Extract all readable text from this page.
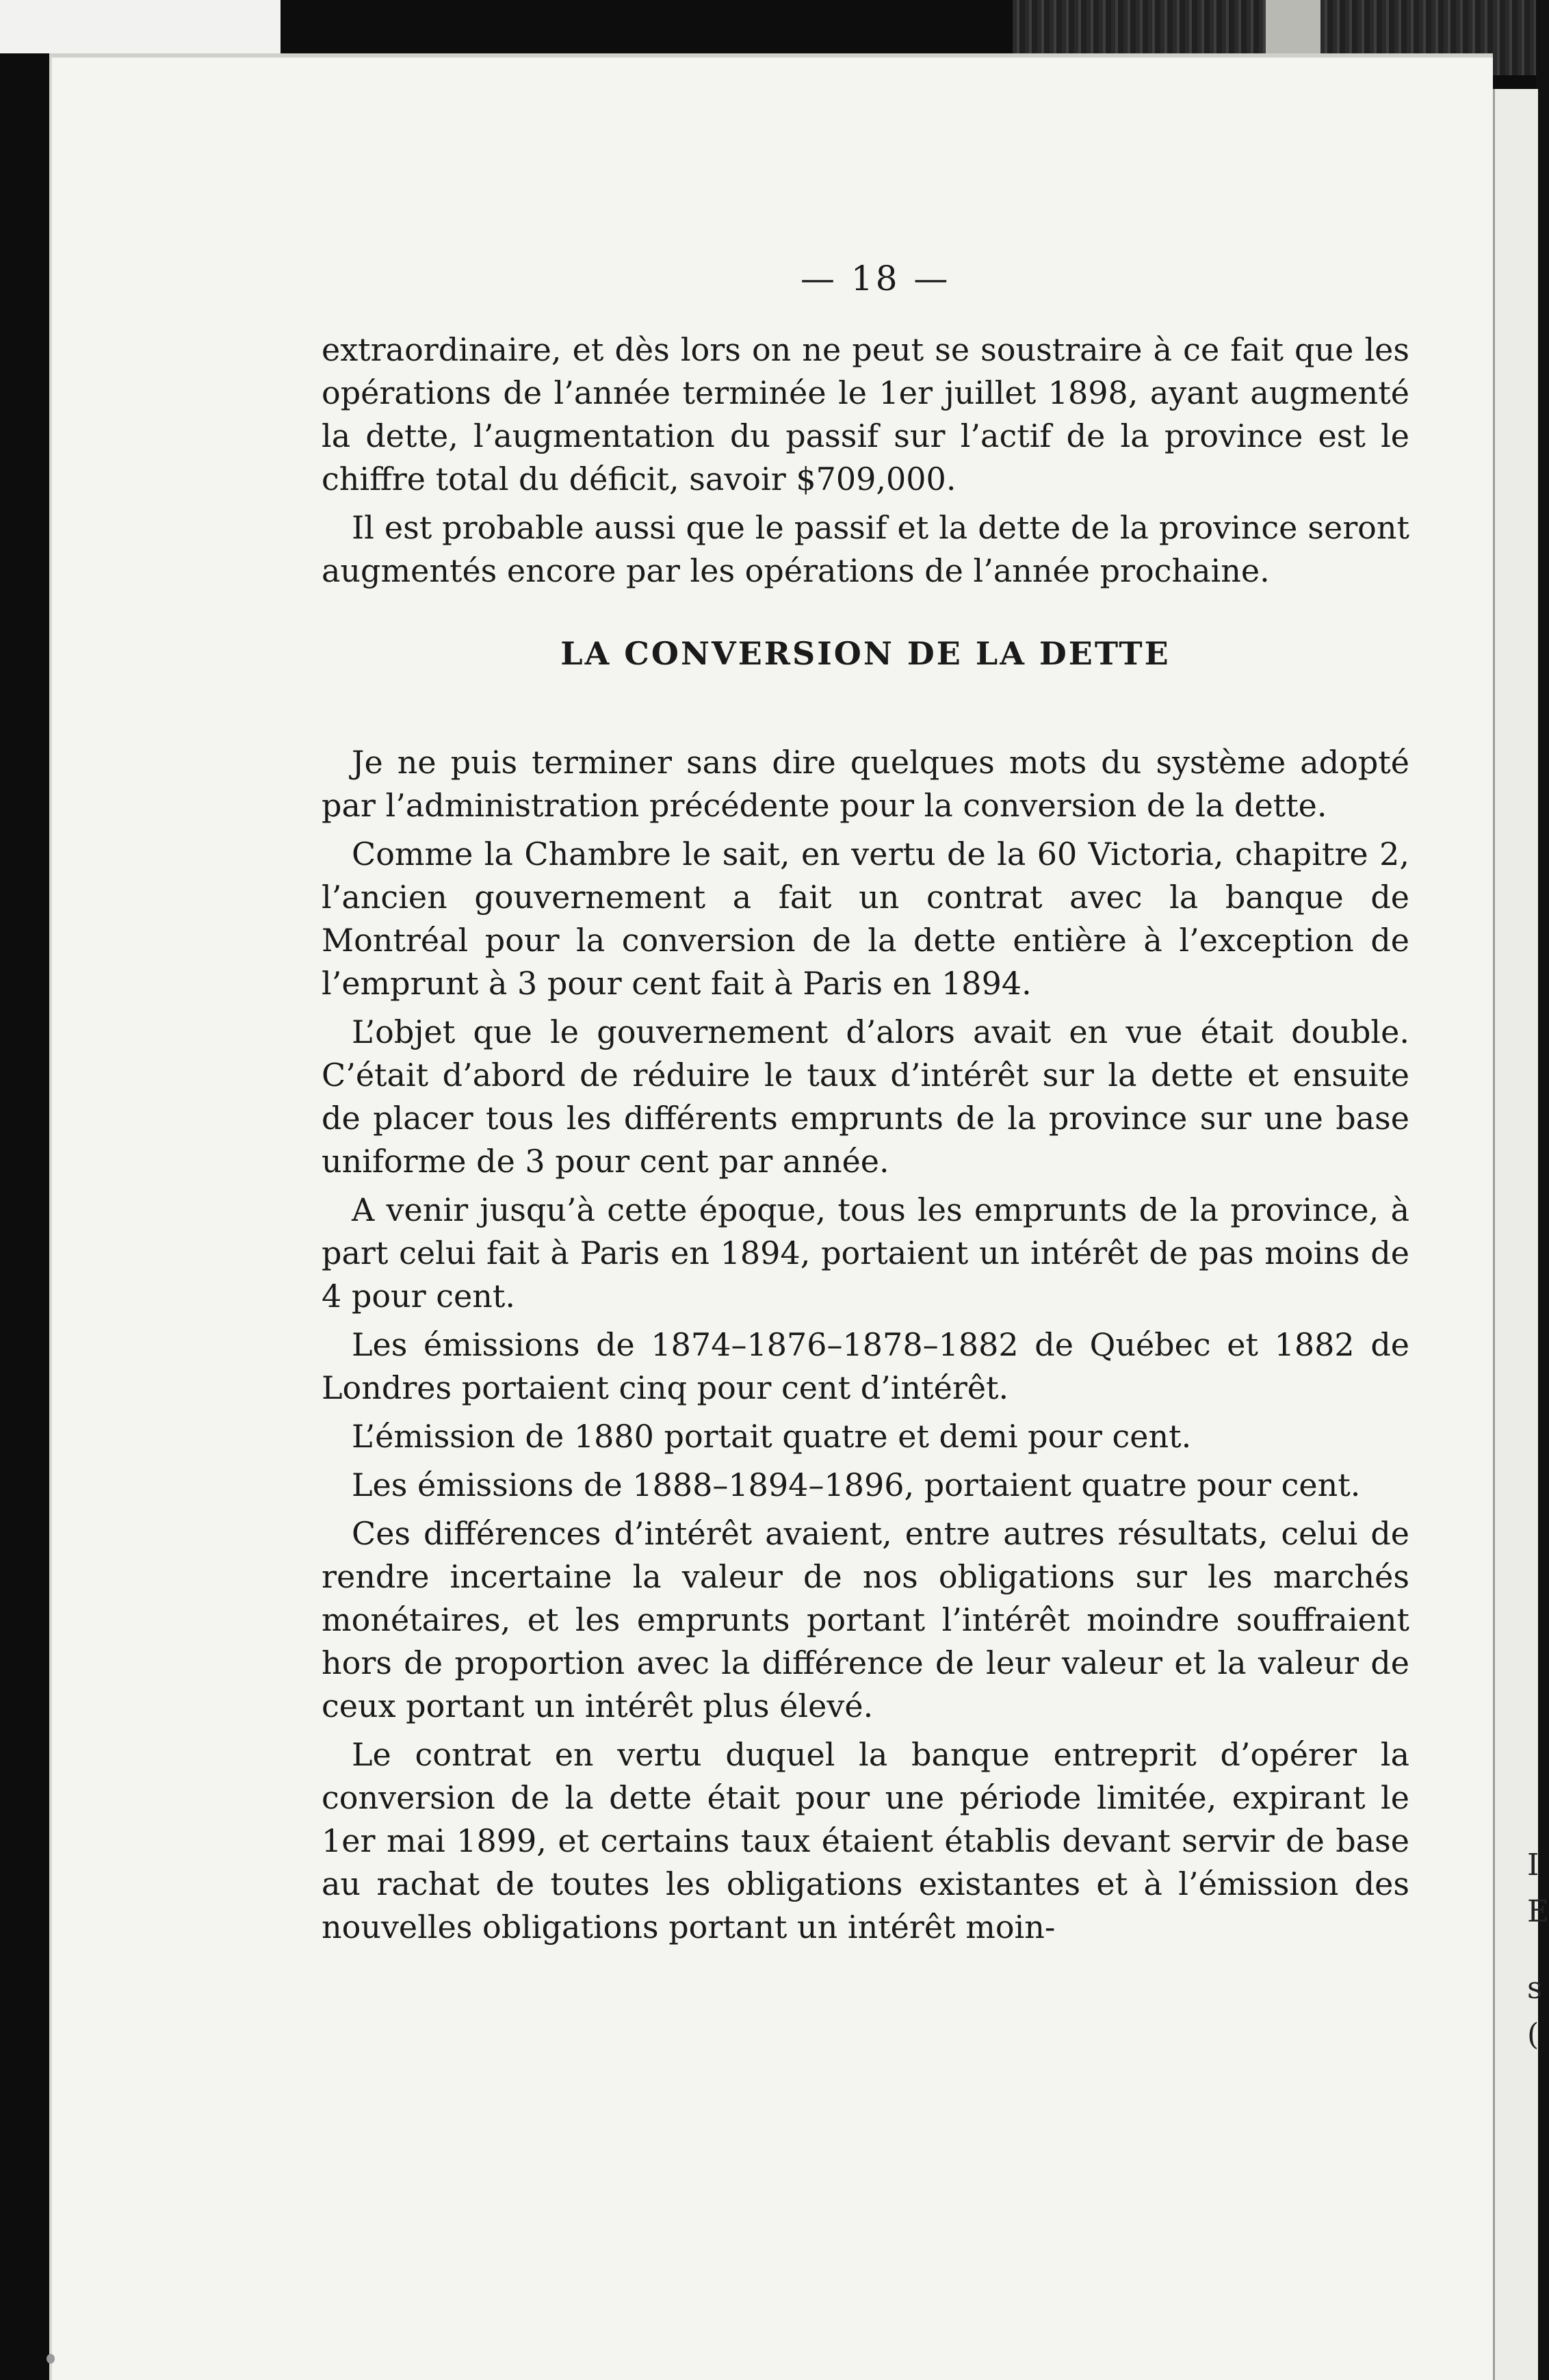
I
E
s
(
— 18 —

extraordinaire, et dès lors on ne peut se soustraire à ce fait que les opérations de l’année terminée le 1er juillet 1898, ayant augmenté la dette, l’augmentation du passif sur l’actif de la province est le chiffre total du déficit, savoir $709,000.

Il est probable aussi que le passif et la dette de la province seront augmentés encore par les opérations de l’année prochaine.

LA CONVERSION DE LA DETTE

Je ne puis terminer sans dire quelques mots du système adopté par l’administration précédente pour la conversion de la dette.

Comme la Chambre le sait, en vertu de la 60 Victoria, chapitre 2, l’ancien gouvernement a fait un contrat avec la banque de Montréal pour la conversion de la dette entière à l’exception de l’emprunt à 3 pour cent fait à Paris en 1894.

L’objet que le gouvernement d’alors avait en vue était double. C’était d’abord de réduire le taux d’intérêt sur la dette et ensuite de placer tous les différents emprunts de la province sur une base uniforme de 3 pour cent par année.

A venir jusqu’à cette époque, tous les emprunts de la province, à part celui fait à Paris en 1894, portaient un intérêt de pas moins de 4 pour cent.

Les émissions de 1874–1876–1878–1882 de Québec et 1882 de Londres portaient cinq pour cent d’intérêt.

L’émission de 1880 portait quatre et demi pour cent.

Les émissions de 1888–1894–1896, portaient quatre pour cent.

Ces différences d’intérêt avaient, entre autres résultats, celui de rendre incertaine la valeur de nos obligations sur les marchés monétaires, et les emprunts portant l’intérêt moindre souffraient hors de proportion avec la différence de leur valeur et la valeur de ceux portant un intérêt plus élevé.

Le contrat en vertu duquel la banque entreprit d’opérer la conversion de la dette était pour une période limitée, expirant le 1er mai 1899, et certains taux étaient établis devant servir de base au rachat de toutes les obligations existantes et à l’émission des nouvelles obligations portant un intérêt moin-
